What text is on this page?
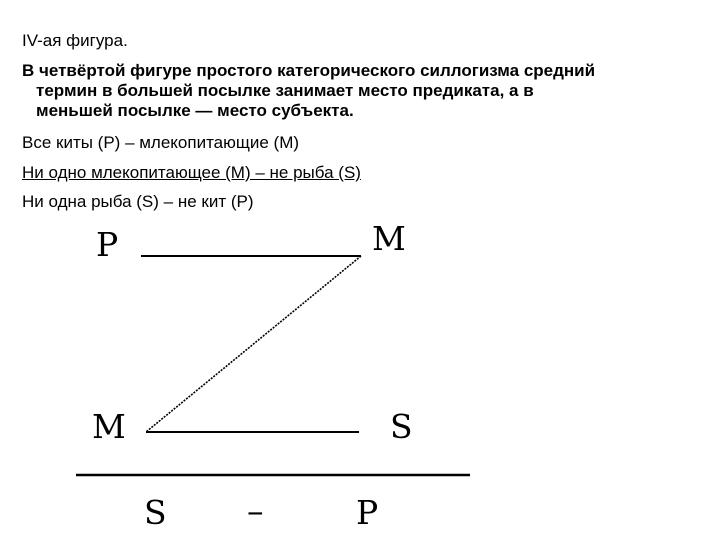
IV-ая фигура.
В четвёртой фигуре простого категорического силлогизма средний
термин в большей посылке занимает место предиката, а в
меньшей посылке — место субъекта.
Все киты (Р) – млекопитающие (М)
Ни одно млекопитающее (М) – не рыба (S)
Ни одна рыба (S) – не кит (Р)
P	M
M	S
S –	P
